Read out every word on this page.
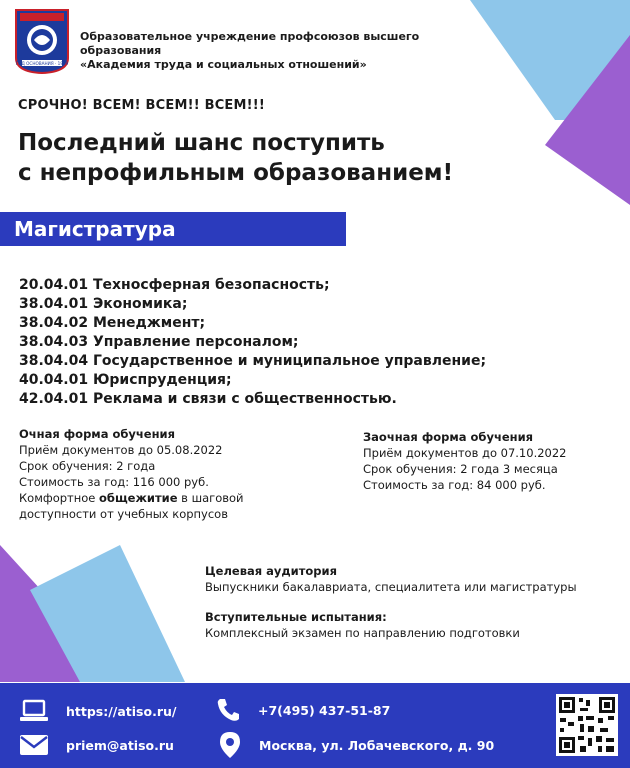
ГОД ОСНОВАНИЯ · 1919
Образовательное учреждение профсоюзов высшего образования
«Академия труда и социальных отношений»
СРОЧНО! ВСЕМ! ВСЕМ!! ВСЕМ!!!
Последний шанс поступить
с непрофильным образованием!
Магистратура
20.04.01 Техносферная безопасность;
38.04.01 Экономика;
38.04.02 Менеджмент;
38.04.03 Управление персоналом;
38.04.04 Государственное и муниципальное управление;
40.04.01 Юриспруденция;
42.04.01 Реклама и связи с общественностью.
Очная форма обучения
Приём документов до 05.08.2022
Срок обучения: 2 года
Стоимость за год: 116 000 руб.
Комфортное общежитие в шаговой
доступности от учебных корпусов
Заочная форма обучения
Приём документов до 07.10.2022
Срок обучения: 2 года 3 месяца
Стоимость за год: 84 000 руб.
Целевая аудитория
Выпускники бакалавриата, специалитета или магистратуры
Вступительные испытания:
Комплексный экзамен по направлению подготовки
https://atiso.ru/
priem@atiso.ru
+7(495) 437-51-87
Москва, ул. Лобачевского, д. 90
